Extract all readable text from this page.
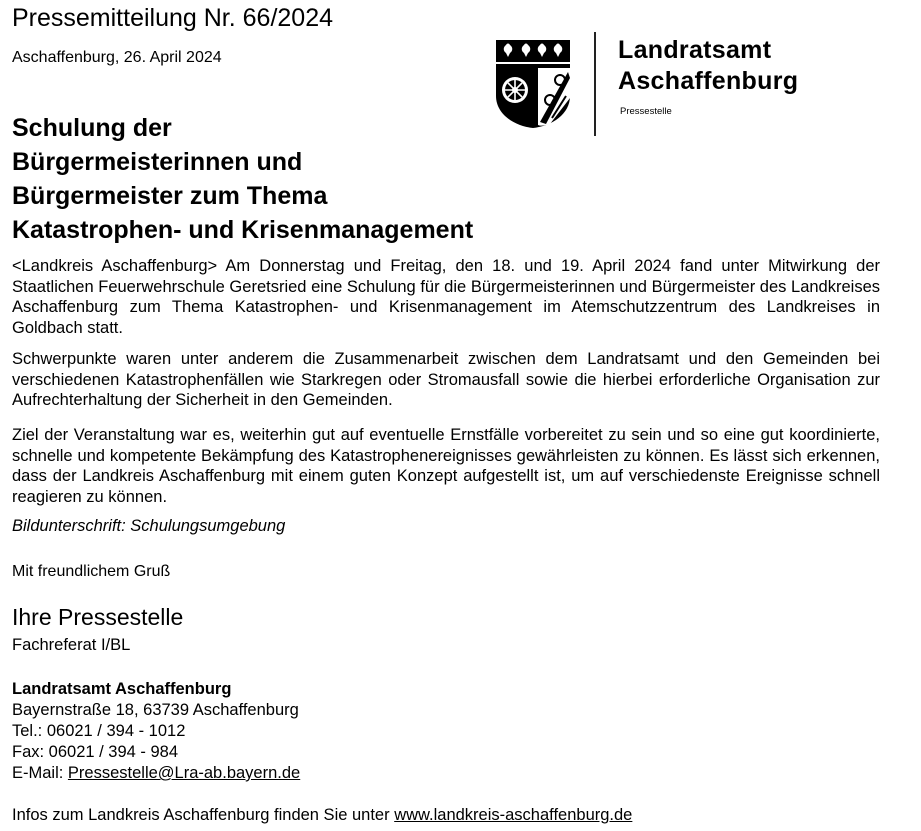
Pressemitteilung Nr. 66/2024
Aschaffenburg, 26. April 2024	Landratsamt
Aschaffenburg
Pressestelle
Schulung der
Bürgermeisterinnen und
Bürgermeister zum Thema
Katastrophen- und Krisenmanagement

<Landkreis Aschaffenburg> Am Donnerstag und Freitag, den 18. und 19. April 2024 fand unter Mitwirkung der Staatlichen Feuerwehrschule Geretsried eine Schulung für die Bürgermeisterinnen und Bürgermeister des Landkreises Aschaffenburg zum Thema Katastrophen- und Krisenmanagement im Atemschutzzentrum des Landkreises in Goldbach statt.

Schwerpunkte waren unter anderem die Zusammenarbeit zwischen dem Landratsamt und den Gemeinden bei verschiedenen Katastrophenfällen wie Starkregen oder Stromausfall sowie die hierbei erforderliche Organisation zur Aufrechterhaltung der Sicherheit in den Gemeinden.

Ziel der Veranstaltung war es, weiterhin gut auf eventuelle Ernstfälle vorbereitet zu sein und so eine gut koordinierte, schnelle und kompetente Bekämpfung des Katastrophenereignisses gewährleisten zu können. Es lässt sich erkennen, dass der Landkreis Aschaffenburg mit einem guten Konzept aufgestellt ist, um auf verschiedenste Ereignisse schnell reagieren zu können.

Bildunterschrift: Schulungsumgebung
Mit freundlichem Gruß
Ihre Pressestelle
Fachreferat I/BL
Landratsamt Aschaffenburg
Bayernstraße 18, 63739 Aschaffenburg
Tel.: 06021 / 394 - 1012
Fax: 06021 / 394 - 984
E-Mail: Pressestelle@Lra-ab.bayern.de
Infos zum Landkreis Aschaffenburg finden Sie unter www.landkreis-aschaffenburg.de
